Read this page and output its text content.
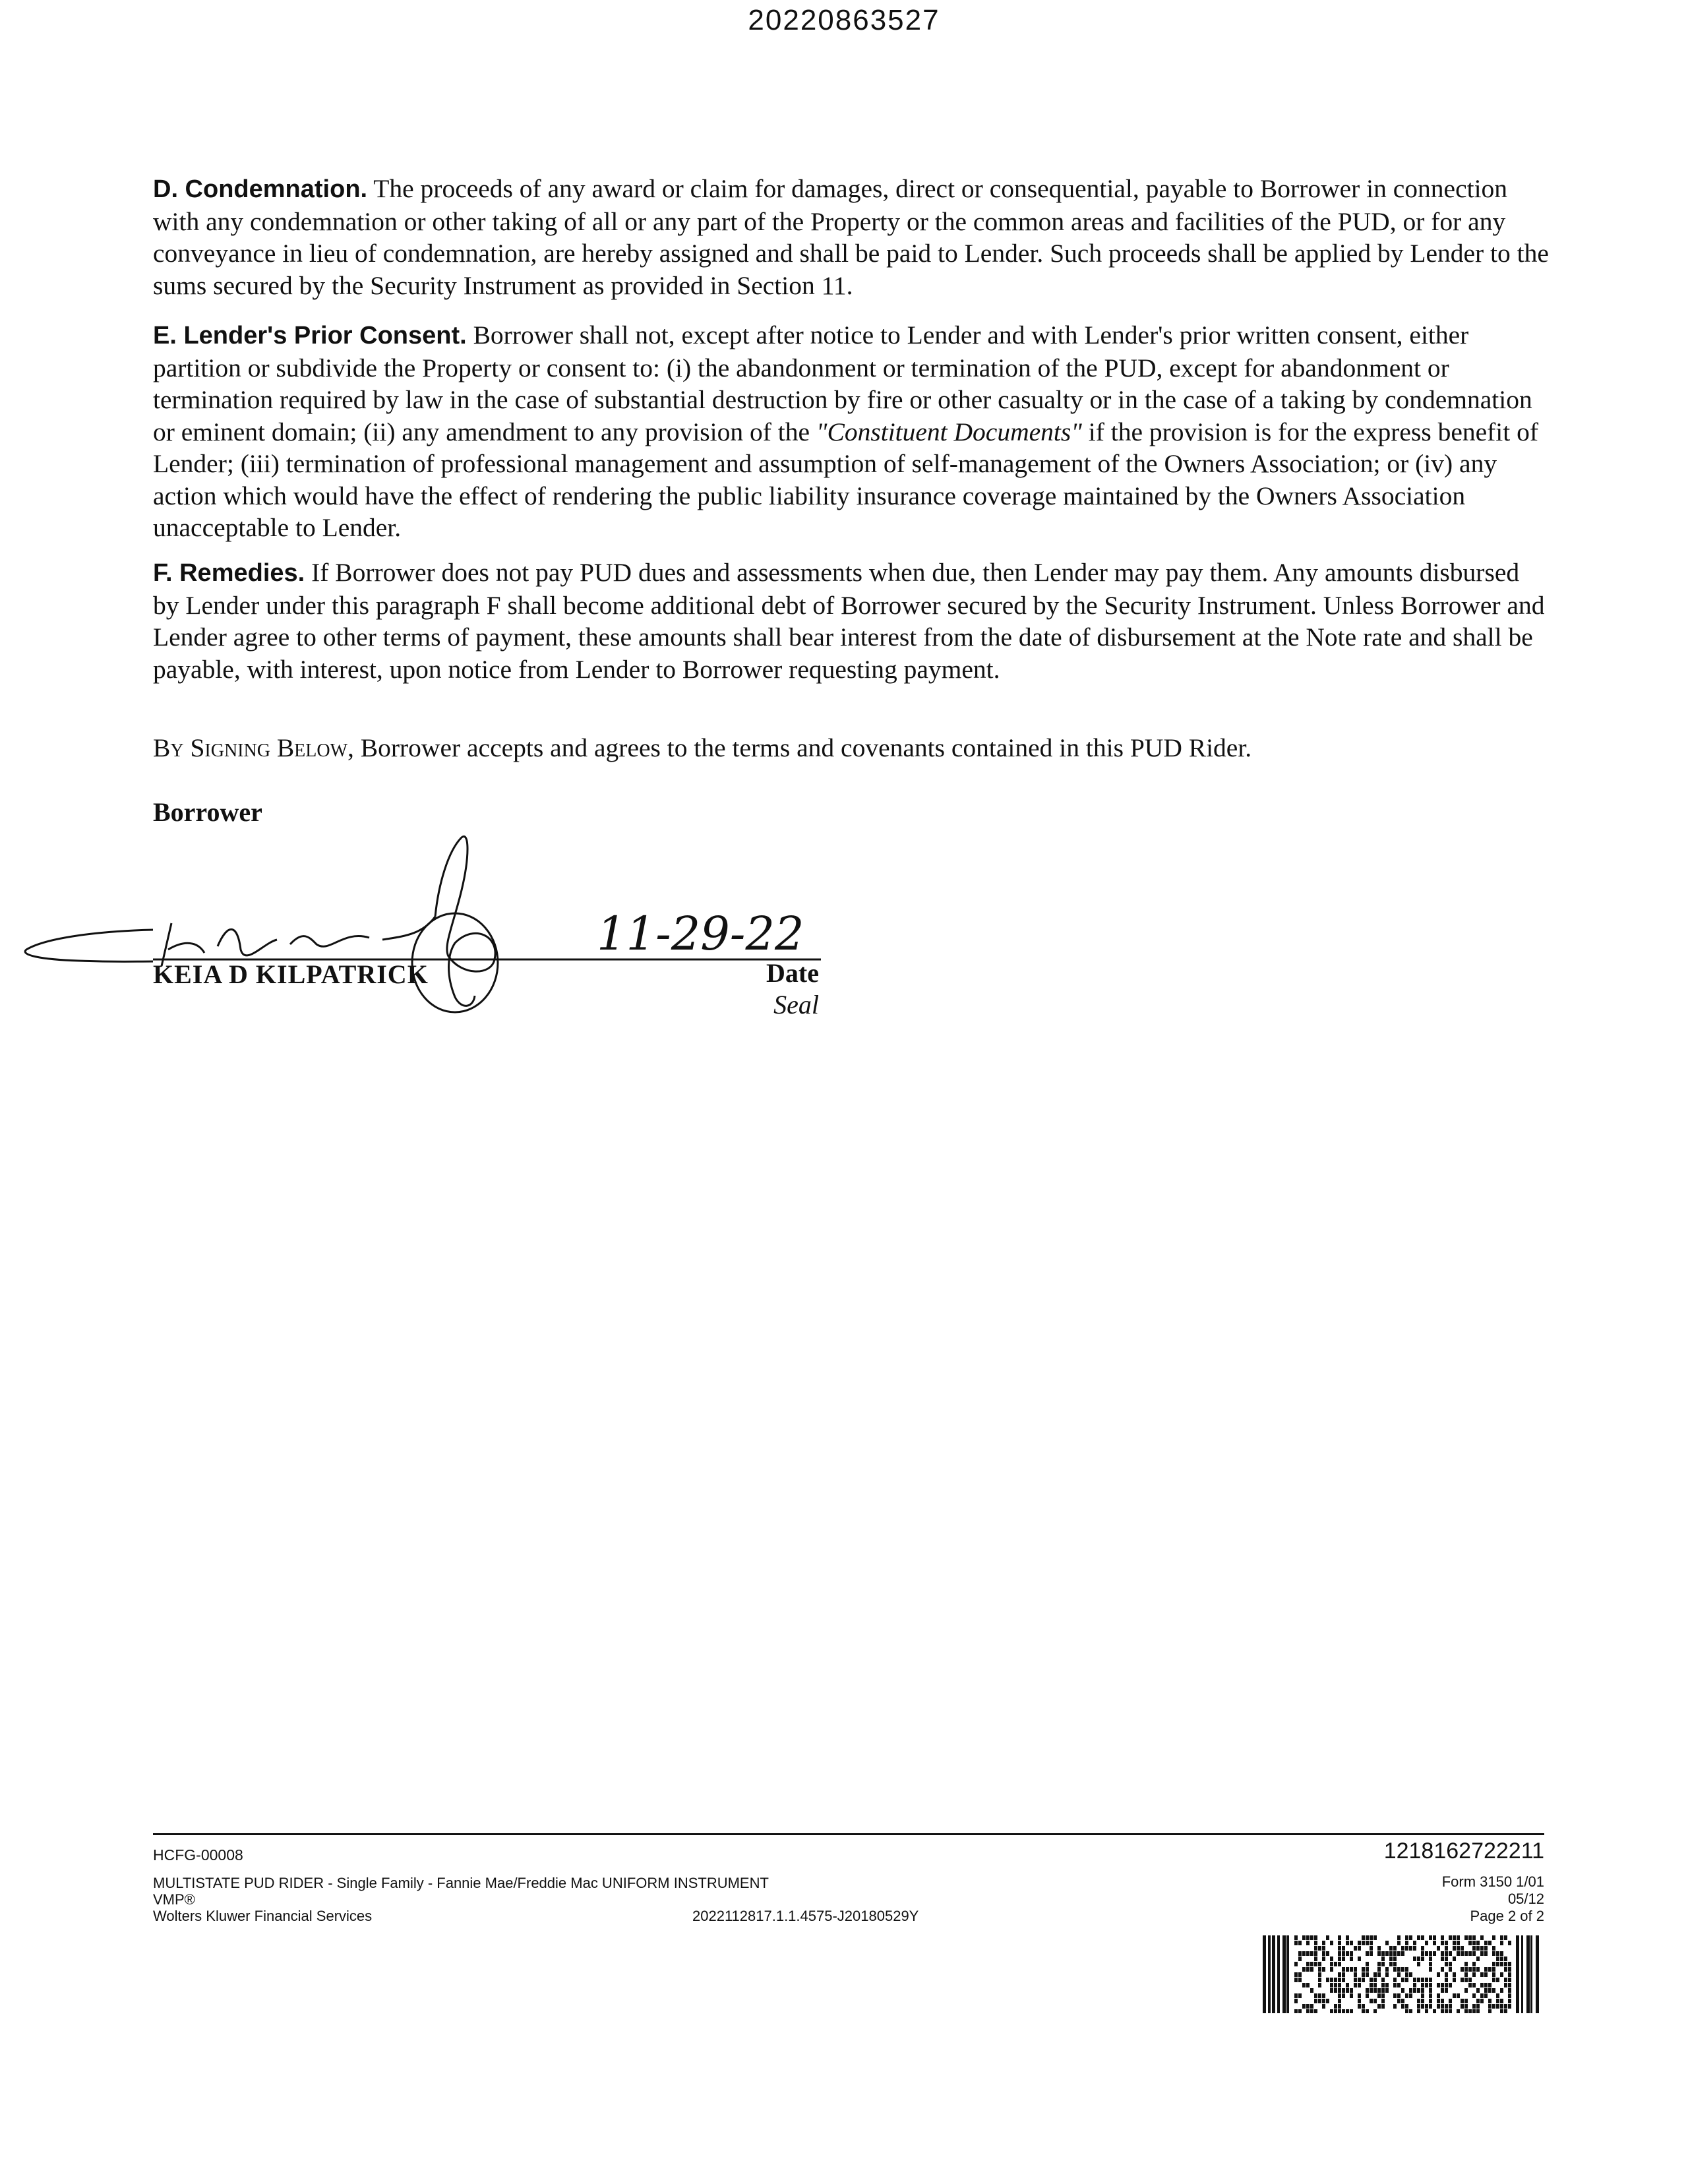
20220863527

D. Condemnation. The proceeds of any award or claim for damages, direct or consequential, payable to Borrower in connection with any condemnation or other taking of all or any part of the Property or the common areas and facilities of the PUD, or for any conveyance in lieu of condemnation, are hereby assigned and shall be paid to Lender. Such proceeds shall be applied by Lender to the sums secured by the Security Instrument as provided in Section 11.

E. Lender's Prior Consent. Borrower shall not, except after notice to Lender and with Lender's prior written consent, either partition or subdivide the Property or consent to: (i) the abandonment or termination of the PUD, except for abandonment or termination required by law in the case of substantial destruction by fire or other casualty or in the case of a taking by condemnation or eminent domain; (ii) any amendment to any provision of the "Constituent Documents" if the provision is for the express benefit of Lender; (iii) termination of professional management and assumption of self-management of the Owners Association; or (iv) any action which would have the effect of rendering the public liability insurance coverage maintained by the Owners Association unacceptable to Lender.

F. Remedies. If Borrower does not pay PUD dues and assessments when due, then Lender may pay them. Any amounts disbursed by Lender under this paragraph F shall become additional debt of Borrower secured by the Security Instrument. Unless Borrower and Lender agree to other terms of payment, these amounts shall bear interest from the date of disbursement at the Note rate and shall be payable, with interest, upon notice from Lender to Borrower requesting payment.

By Signing Below, Borrower accepts and agrees to the terms and covenants contained in this PUD Rider.

Borrower
11-29-22
KEIA D KILPATRICK	Date
Seal
HCFG-00008
MULTISTATE PUD RIDER - Single Family - Fannie Mae/Freddie Mac UNIFORM INSTRUMENT
VMP®
Wolters Kluwer Financial Services	2022112817.1.1.4575-J20180529Y
1218162722211
Form 3150 1/01
05/12
Page 2 of 2
